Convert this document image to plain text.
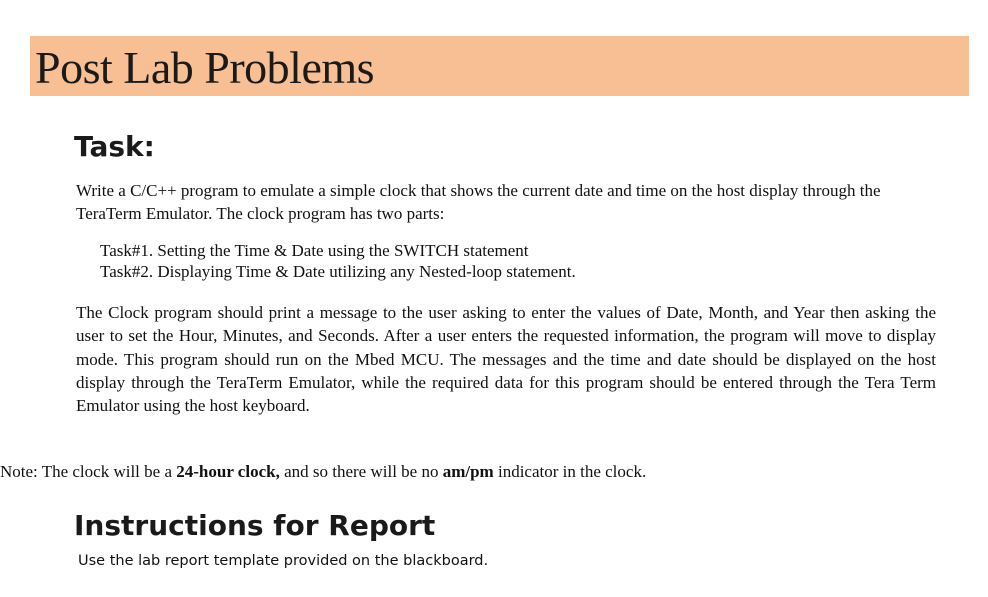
Post Lab Problems
Task:
Write a C/C++ program to emulate a simple clock that shows the current date and time on the host display through the TeraTerm Emulator. The clock program has two parts:
Task#1. Setting the Time & Date using the SWITCH statement
Task#2. Displaying Time & Date utilizing any Nested-loop statement.
The Clock program should print a message to the user asking to enter the values of Date, Month, and Year then asking the user to set the Hour, Minutes, and Seconds. After a user enters the requested information, the program will move to display mode. This program should run on the Mbed MCU. The messages and the time and date should be displayed on the host display through the TeraTerm Emulator, while the required data for this program should be entered through the Tera Term Emulator using the host keyboard.
Note: The clock will be a 24-hour clock, and so there will be no am/pm indicator in the clock.
Instructions for Report
Use the lab report template provided on the blackboard.
